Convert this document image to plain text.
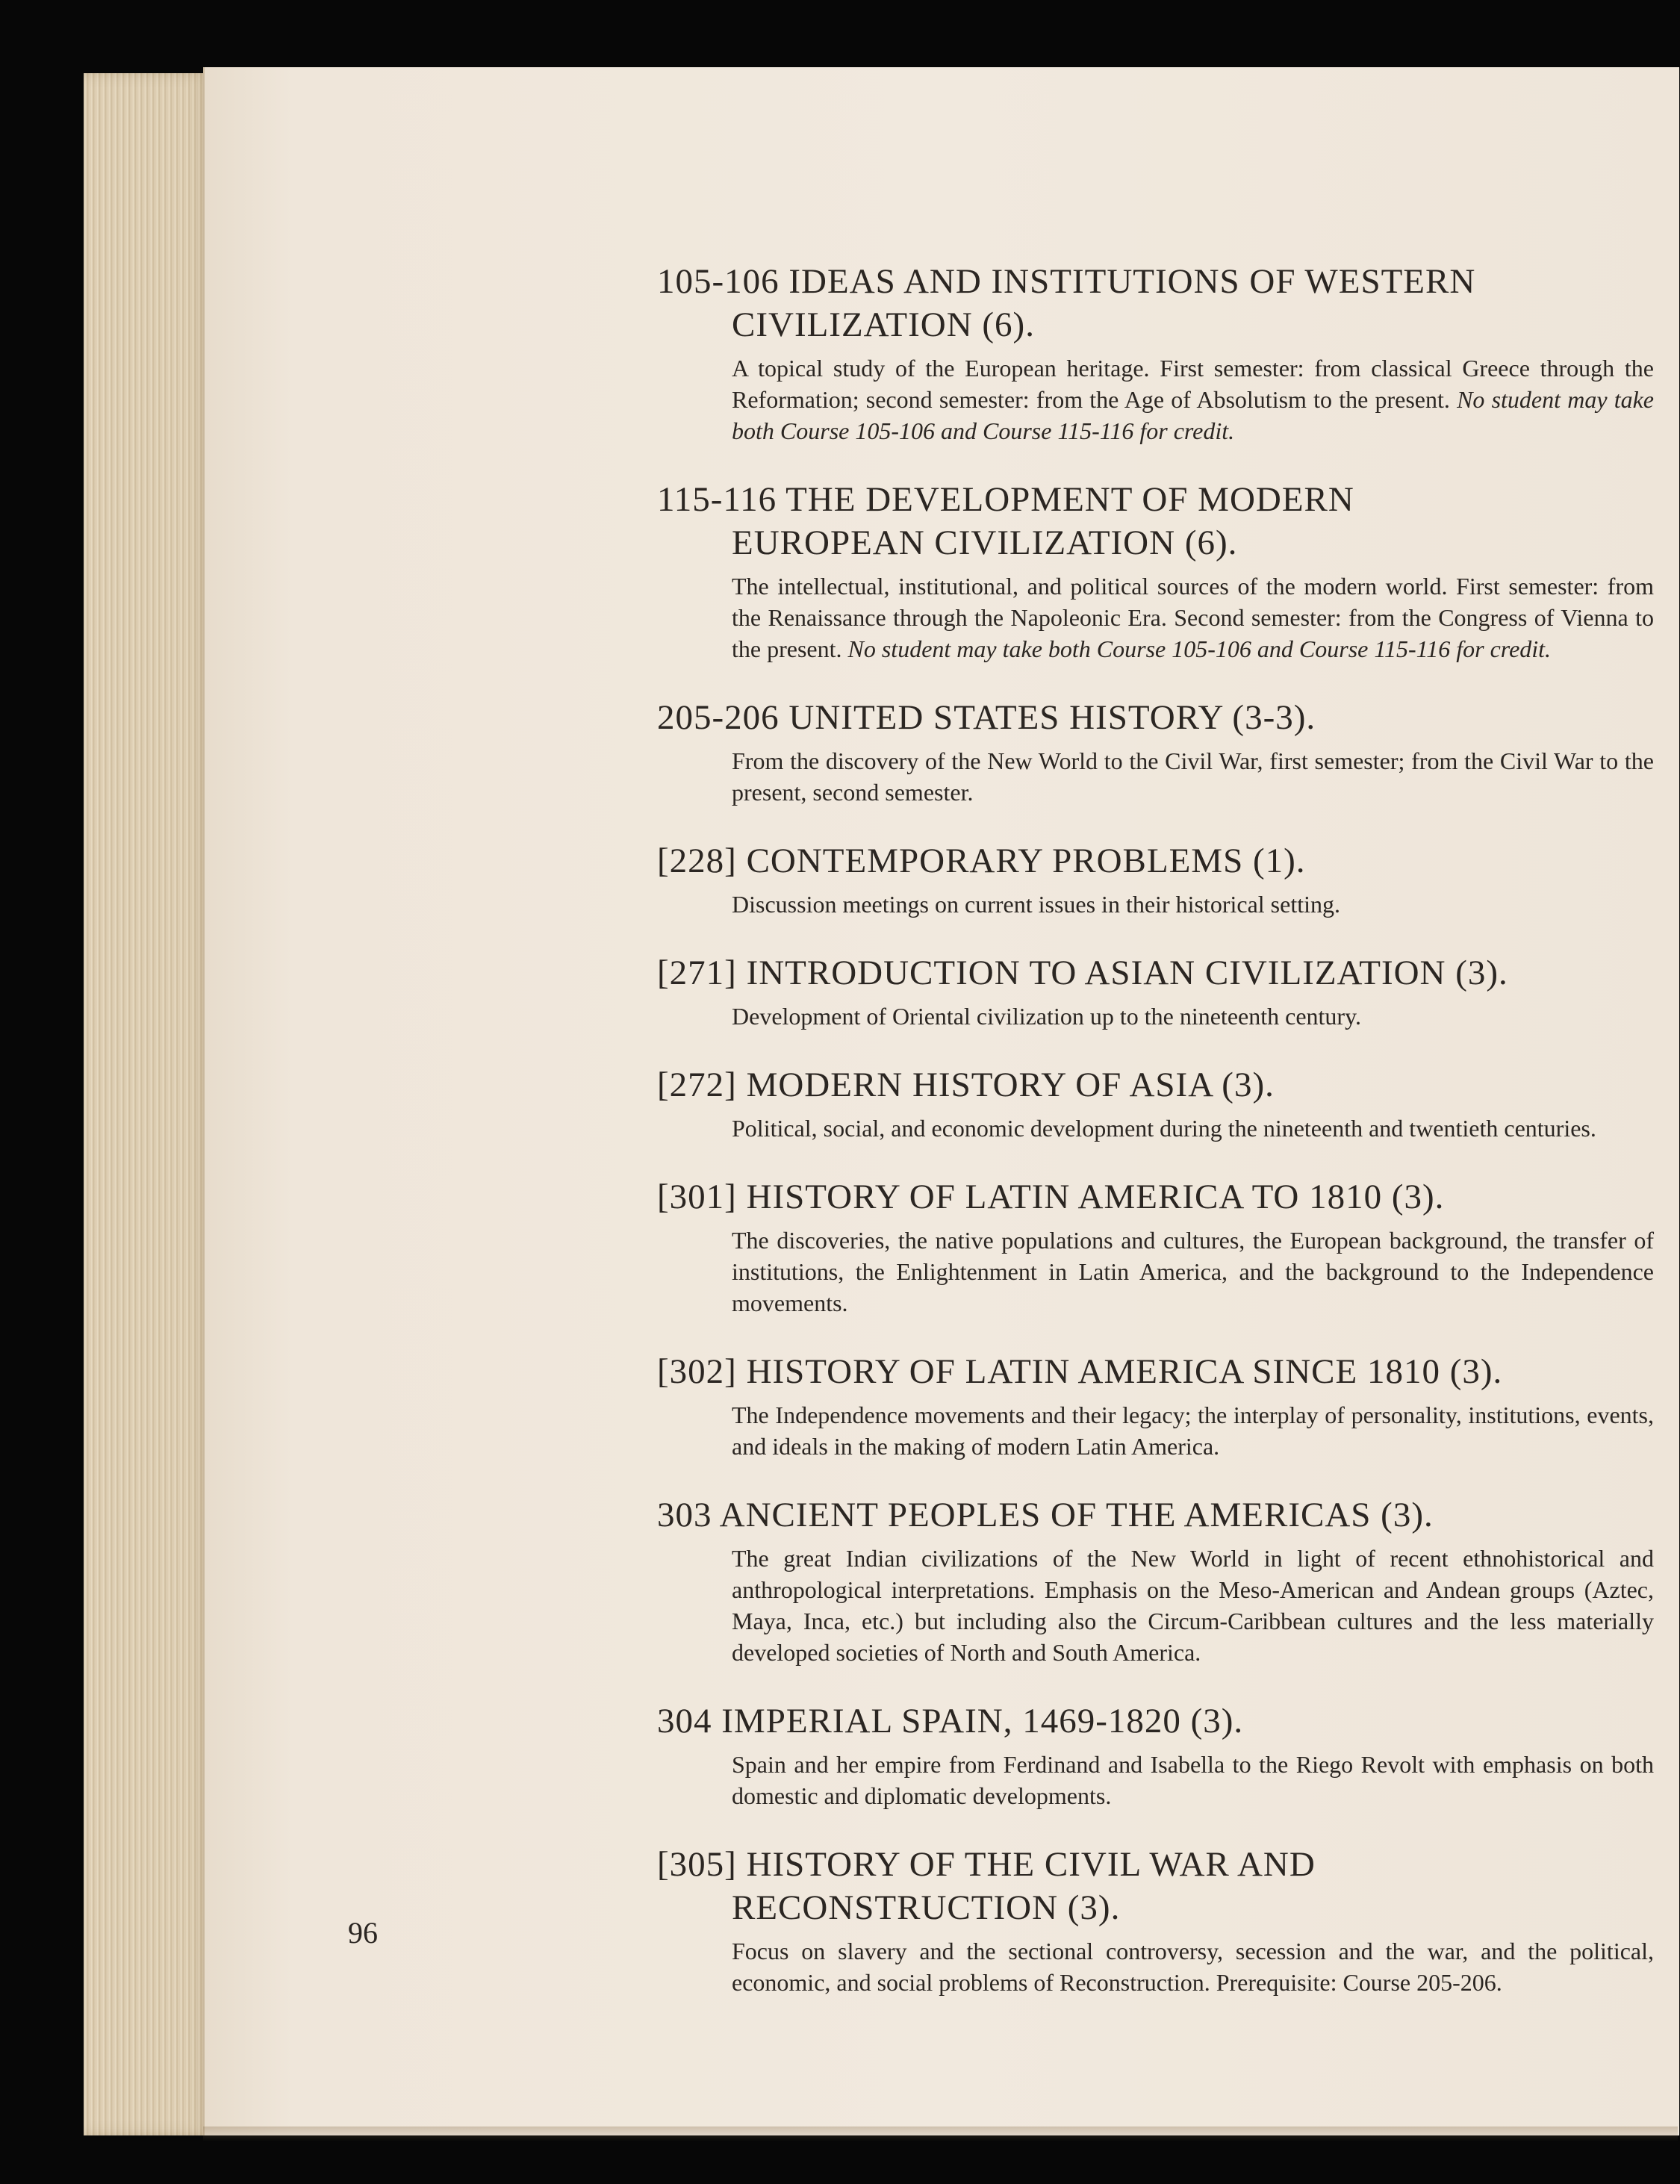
105-106 IDEAS AND INSTITUTIONS OF WESTERN
CIVILIZATION (6).
A topical study of the European heritage. First semester: from classical Greece through the Reformation; second semester: from the Age of Absolutism to the present. No student may take both Course 105-106 and Course 115-116 for credit.
115-116 THE DEVELOPMENT OF MODERN
EUROPEAN CIVILIZATION (6).
The intellectual, institutional, and political sources of the modern world. First semester: from the Renaissance through the Napoleonic Era. Second semester: from the Congress of Vienna to the present. No student may take both Course 105-106 and Course 115-116 for credit.
205-206 UNITED STATES HISTORY (3-3).
From the discovery of the New World to the Civil War, first semester; from the Civil War to the present, second semester.
[228] CONTEMPORARY PROBLEMS (1).
Discussion meetings on current issues in their historical setting.
[271] INTRODUCTION TO ASIAN CIVILIZATION (3).
Development of Oriental civilization up to the nineteenth century.
[272] MODERN HISTORY OF ASIA (3).
Political, social, and economic development during the nineteenth and twentieth centuries.
[301] HISTORY OF LATIN AMERICA TO 1810 (3).
The discoveries, the native populations and cultures, the European background, the transfer of institutions, the Enlightenment in Latin America, and the background to the Independence movements.
[302] HISTORY OF LATIN AMERICA SINCE 1810 (3).
The Independence movements and their legacy; the interplay of personality, institutions, events, and ideals in the making of modern Latin America.
303 ANCIENT PEOPLES OF THE AMERICAS (3).
The great Indian civilizations of the New World in light of recent ethnohistorical and anthropological interpretations. Emphasis on the Meso-American and Andean groups (Aztec, Maya, Inca, etc.) but including also the Circum-Caribbean cultures and the less materially developed societies of North and South America.
304 IMPERIAL SPAIN, 1469-1820 (3).
Spain and her empire from Ferdinand and Isabella to the Riego Revolt with emphasis on both domestic and diplomatic developments.
[305] HISTORY OF THE CIVIL WAR AND
RECONSTRUCTION (3).
Focus on slavery and the sectional controversy, secession and the war, and the political, economic, and social problems of Reconstruction. Prerequisite: Course 205-206.
96
